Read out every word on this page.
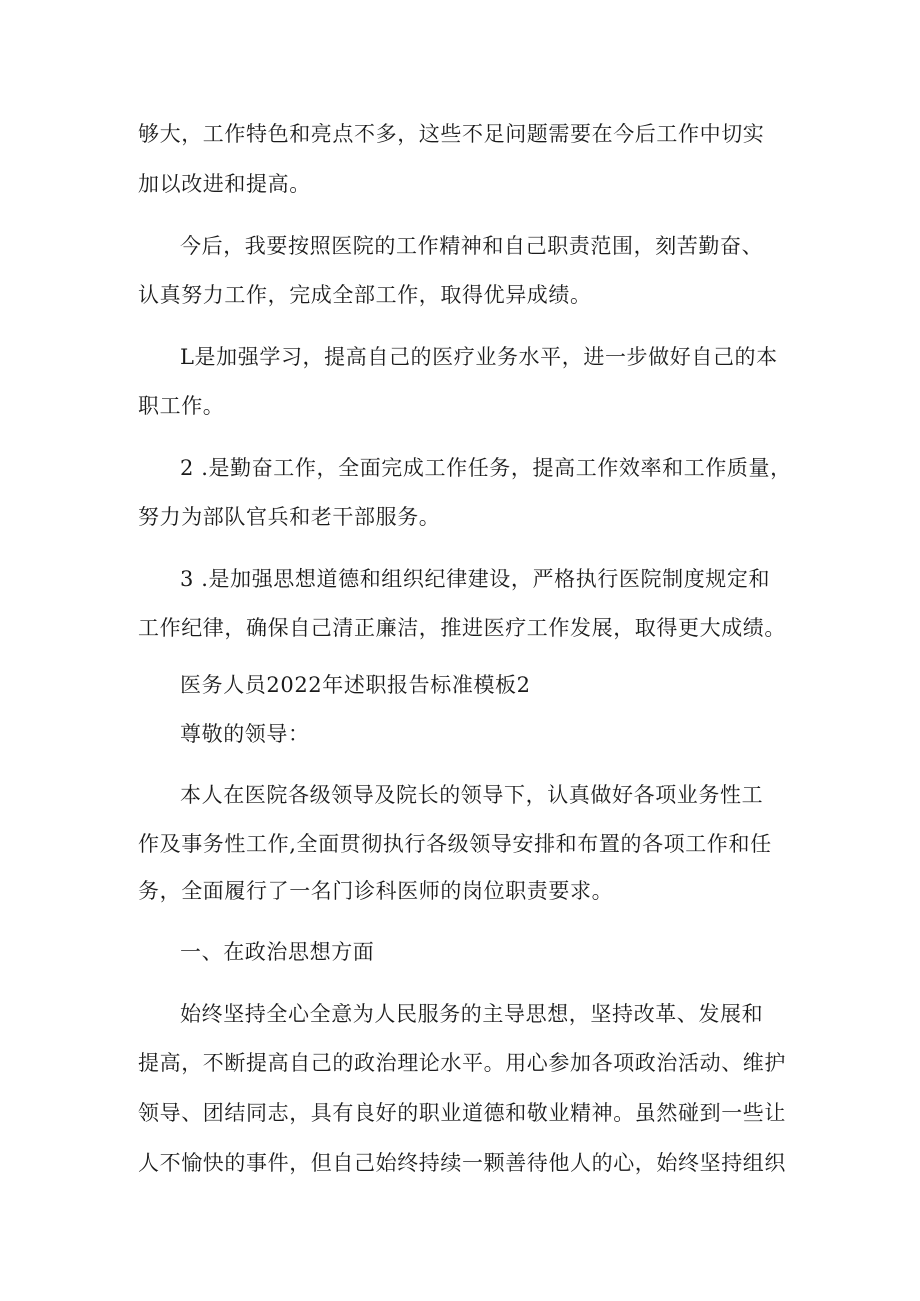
够大，工作特色和亮点不多，这些不足问题需要在今后工作中切实
加以改进和提高。
今后，我要按照医院的工作精神和自己职责范围，刻苦勤奋、
认真努力工作，完成全部工作，取得优异成绩。
L是加强学习，提高自己的医疗业务水平，进一步做好自己的本
职工作。
2 .是勤奋工作，全面完成工作任务，提高工作效率和工作质量，
努力为部队官兵和老干部服务。
3 .是加强思想道德和组织纪律建设，严格执行医院制度规定和
工作纪律，确保自己清正廉洁，推进医疗工作发展，取得更大成绩。
医务人员2022年述职报告标准模板2
尊敬的领导：
本人在医院各级领导及院长的领导下，认真做好各项业务性工
作及事务性工作,全面贯彻执行各级领导安排和布置的各项工作和任
务，全面履行了一名门诊科医师的岗位职责要求。
一、在政治思想方面
始终坚持全心全意为人民服务的主导思想，坚持改革、发展和
提高，不断提高自己的政治理论水平。用心参加各项政治活动、维护
领导、团结同志，具有良好的职业道德和敬业精神。虽然碰到一些让
人不愉快的事件，但自己始终持续一颗善待他人的心，始终坚持组织
